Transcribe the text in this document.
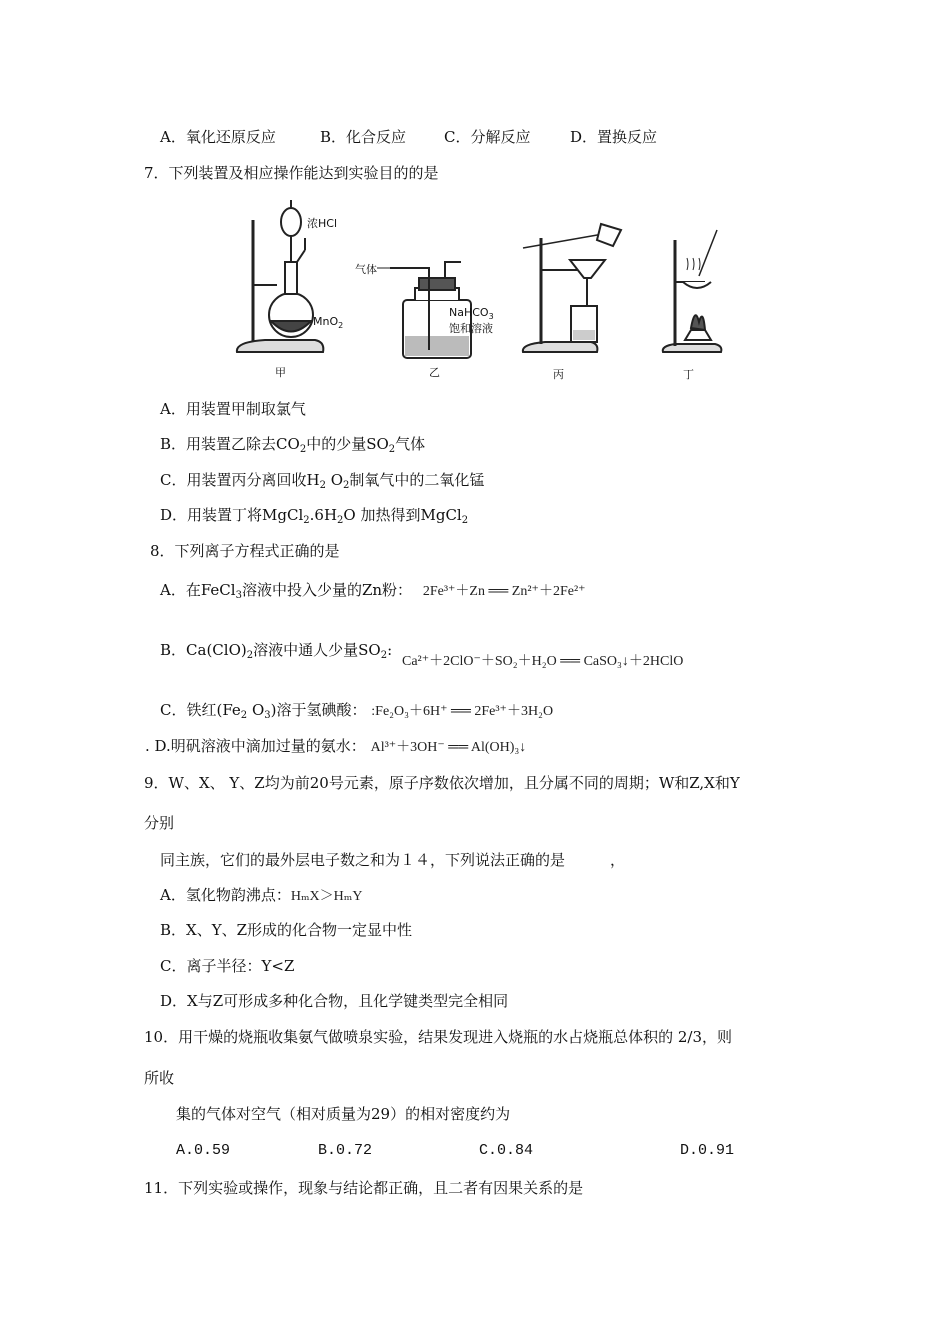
A．氧化还原反应	B．化合反应	C．分解反应	D．置换反应
7．下列装置及相应操作能达到实验目的的是
浓HCl
MnO$_2$
气体
NaHCO$_3$
饱和溶液
甲	乙	丙	丁
A．用装置甲制取氯气
B．用装置乙除去$CO_2$中的少量$SO_2$气体
C．用装置丙分离回收$H_2$ $O_2$制氧气中的二氧化锰
D．用装置丁将$MgCl_2.6H_2O$ 加热得到MgCl$_2$
8．下列离子方程式正确的是
A．在FeCl$_3$溶液中投入少量的Zn粉： 2Fe³⁺＋Zn ══ Zn²⁺＋2Fe²⁺
B．$Ca(ClO)_2$溶液中通人少量$SO_2$:
Ca²⁺＋2ClO⁻＋SO₂＋H₂O ══ CaSO₃↓＋2HClO
C．铁红($Fe_2$ $O_3$)溶于氢碘酸： :Fe₂O₃＋6H⁺ ══ 2Fe³⁺＋3H₂O
. D.明矾溶液中滴加过量的氨水： Al³⁺＋3OH⁻ ══ Al(OH)₃↓
9．W、X、 Y、Z均为前20号元素，原子序数依次增加，且分属不同的周期；W和Z,X和Y
分别
同主族，它们的最外层电子数之和为１４，下列说法正确的是　　　，
A．氢化物韵沸点：HₘX＞HₘY
B．X、Y、Z形成的化合物一定显中性
C．离子半径：Y<Z
D．X与Z可形成多种化合物，且化学键类型完全相同
10．用干燥的烧瓶收集氨气做喷泉实验，结果发现进入烧瓶的水占烧瓶总体积的 2/3，则
所收
集的气体对空气（相对质量为29）的相对密度约为
A.0.59	B.0.72	C.0.84	D.0.91
11．下列实验或操作，现象与结论都正确，且二者有因果关系的是
